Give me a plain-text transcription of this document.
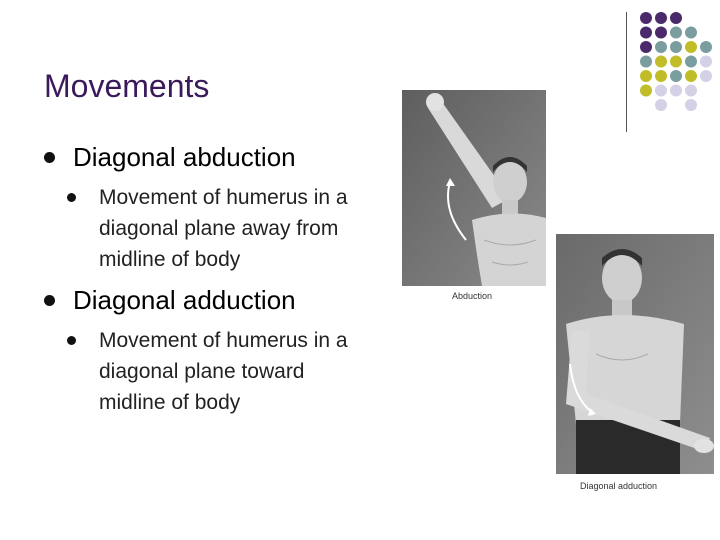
Movements
Diagonal abduction
Movement of humerus in a
diagonal plane away from
midline of body
Diagonal adduction
Movement of humerus in a
diagonal plane toward
midline of body
Abduction
Diagonal adduction
